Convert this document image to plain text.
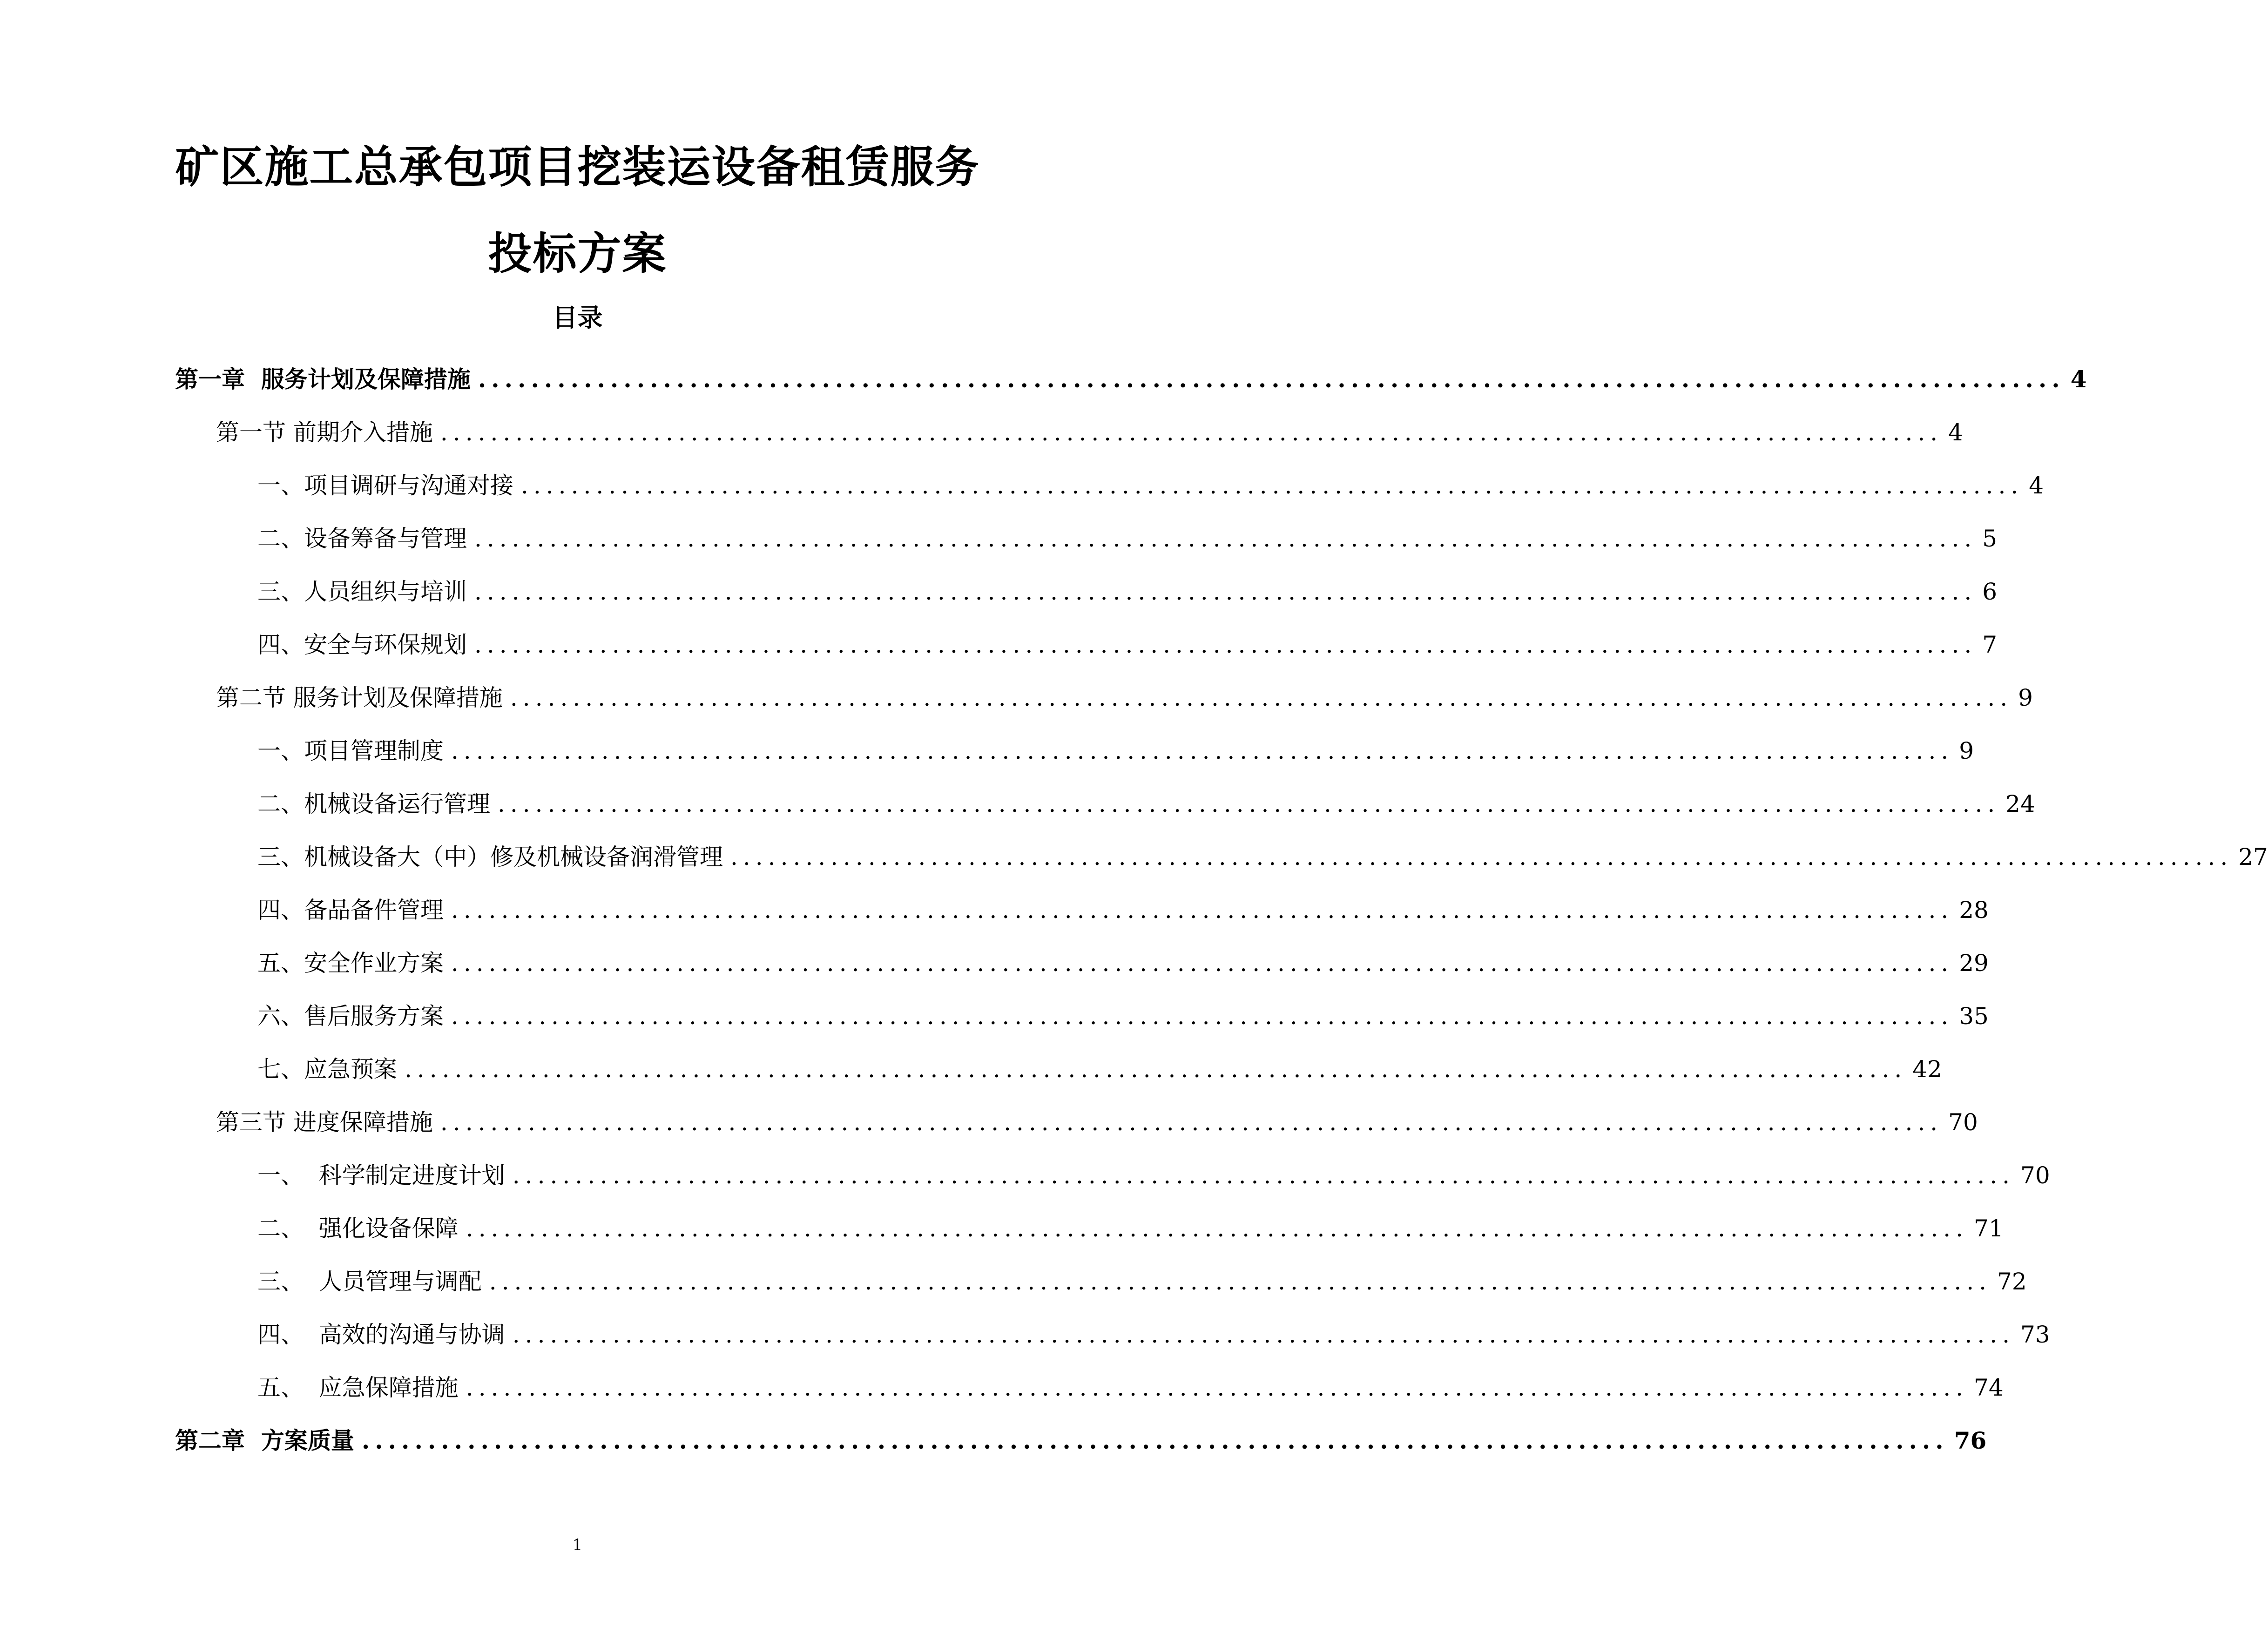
矿区施工总承包项目挖装运设备租赁服务
投标方案
目录
第一章 服务计划及保障措施 ........................................................................................................................ 4
第一节 前期介入措施 ........................................................................................................................ 4
一、项目调研与沟通对接 ........................................................................................................................ 4
二、设备筹备与管理 ........................................................................................................................ 5
三、人员组织与培训 ........................................................................................................................ 6
四、安全与环保规划 ........................................................................................................................ 7
第二节 服务计划及保障措施 ........................................................................................................................ 9
一、项目管理制度 ........................................................................................................................ 9
二、机械设备运行管理 ........................................................................................................................ 24
三、机械设备大（中）修及机械设备润滑管理 ........................................................................................................................ 27
四、备品备件管理 ........................................................................................................................ 28
五、安全作业方案 ........................................................................................................................ 29
六、售后服务方案 ........................................................................................................................ 35
七、应急预案 ........................................................................................................................ 42
第三节 进度保障措施 ........................................................................................................................ 70
一、 科学制定进度计划 ........................................................................................................................ 70
二、 强化设备保障 ........................................................................................................................ 71
三、 人员管理与调配 ........................................................................................................................ 72
四、 高效的沟通与协调 ........................................................................................................................ 73
五、 应急保障措施 ........................................................................................................................ 74
第二章 方案质量 ........................................................................................................................ 76
1
